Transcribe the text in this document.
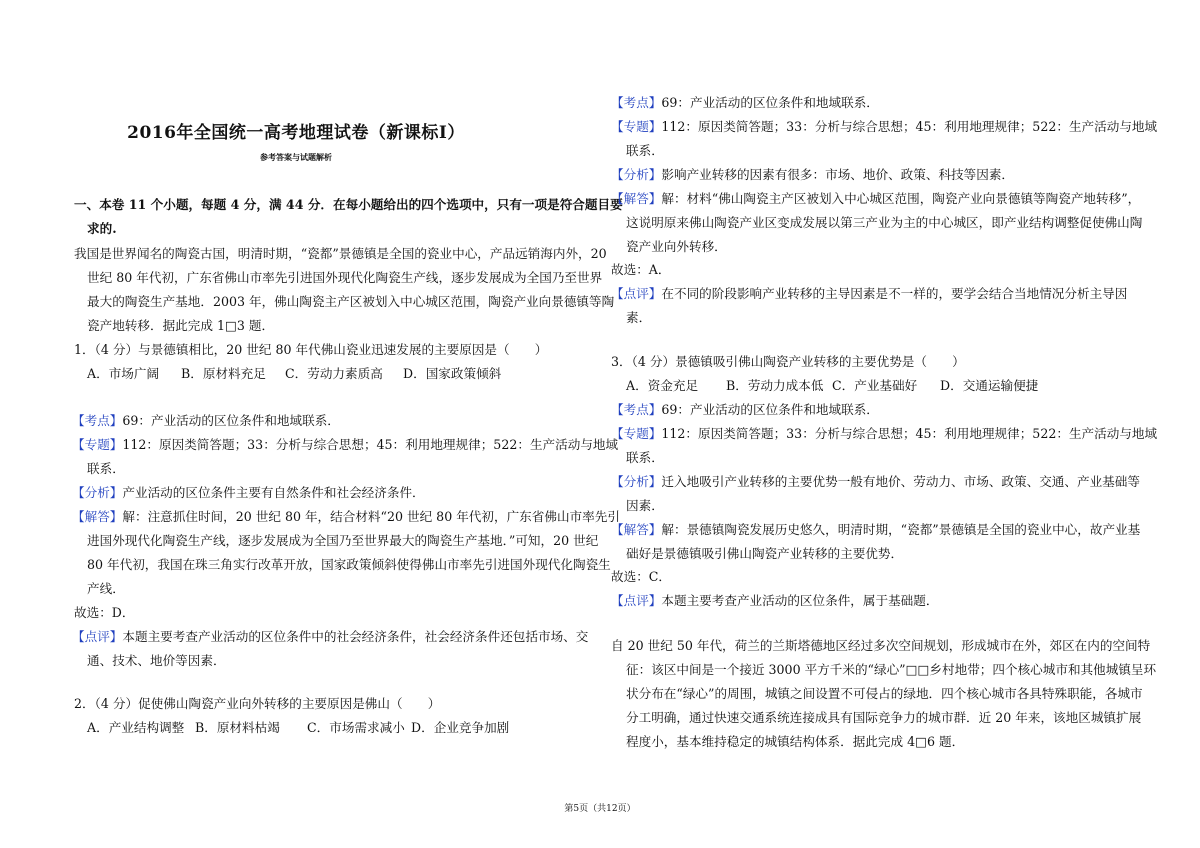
2016年全国统一高考地理试卷（新课标Ⅰ）
参考答案与试题解析
一、本卷 11 个小题，每题 4 分，满 44 分．在每小题给出的四个选项中，只有一项是符合题目要
求的.
我国是世界闻名的陶瓷古国，明清时期，“瓷都”景德镇是全国的瓷业中心，产品远销海内外，20
世纪 80 年代初，广东省佛山市率先引进国外现代化陶瓷生产线，逐步发展成为全国乃至世界
最大的陶瓷生产基地．2003 年，佛山陶瓷主产区被划入中心城区范围，陶瓷产业向景德镇等陶
瓷产地转移．据此完成 1□3 题．
1．（4 分）与景德镇相比，20 世纪 80 年代佛山瓷业迅速发展的主要原因是（　　）
A．市场广阔 B．原材料充足 C．劳动力素质高 D．国家政策倾斜
【考点】69：产业活动的区位条件和地域联系．
【专题】112：原因类简答题；33：分析与综合思想；45：利用地理规律；522：生产活动与地域
联系．
【分析】产业活动的区位条件主要有自然条件和社会经济条件．
【解答】解：注意抓住时间，20 世纪 80 年，结合材料“20 世纪 80 年代初，广东省佛山市率先引
进国外现代化陶瓷生产线，逐步发展成为全国乃至世界最大的陶瓷生产基地．”可知，20 世纪
80 年代初，我国在珠三角实行改革开放，国家政策倾斜使得佛山市率先引进国外现代化陶瓷生
产线．
故选：D．
【点评】本题主要考查产业活动的区位条件中的社会经济条件，社会经济条件还包括市场、交
通、技术、地价等因素．
2．（4 分）促使佛山陶瓷产业向外转移的主要原因是佛山（　　）
A．产业结构调整 B．原材料枯竭 C．市场需求减小 D．企业竞争加剧
【考点】69：产业活动的区位条件和地域联系．
【专题】112：原因类简答题；33：分析与综合思想；45：利用地理规律；522：生产活动与地域
联系．
【分析】影响产业转移的因素有很多：市场、地价、政策、科技等因素．
【解答】解：材料“佛山陶瓷主产区被划入中心城区范围，陶瓷产业向景德镇等陶瓷产地转移”，
这说明原来佛山陶瓷产业区变成发展以第三产业为主的中心城区，即产业结构调整促使佛山陶
瓷产业向外转移．
故选：A．
【点评】在不同的阶段影响产业转移的主导因素是不一样的，要学会结合当地情况分析主导因
素．
3．（4 分）景德镇吸引佛山陶瓷产业转移的主要优势是（　　）
A．资金充足 B．劳动力成本低 C．产业基础好 D．交通运输便捷
【考点】69：产业活动的区位条件和地域联系．
【专题】112：原因类简答题；33：分析与综合思想；45：利用地理规律；522：生产活动与地域
联系．
【分析】迁入地吸引产业转移的主要优势一般有地价、劳动力、市场、政策、交通、产业基础等
因素．
【解答】解：景德镇陶瓷发展历史悠久，明清时期，“瓷都”景德镇是全国的瓷业中心，故产业基
础好是景德镇吸引佛山陶瓷产业转移的主要优势．
故选：C．
【点评】本题主要考查产业活动的区位条件，属于基础题．
自 20 世纪 50 年代，荷兰的兰斯塔德地区经过多次空间规划，形成城市在外，郊区在内的空间特
征：该区中间是一个接近 3000 平方千米的“绿心”□□乡村地带；四个核心城市和其他城镇呈环
状分布在“绿心”的周围，城镇之间设置不可侵占的绿地．四个核心城市各具特殊职能，各城市
分工明确，通过快速交通系统连接成具有国际竞争力的城市群．近 20 年来，该地区城镇扩展
程度小，基本维持稳定的城镇结构体系．据此完成 4□6 题．
第5页（共12页）
